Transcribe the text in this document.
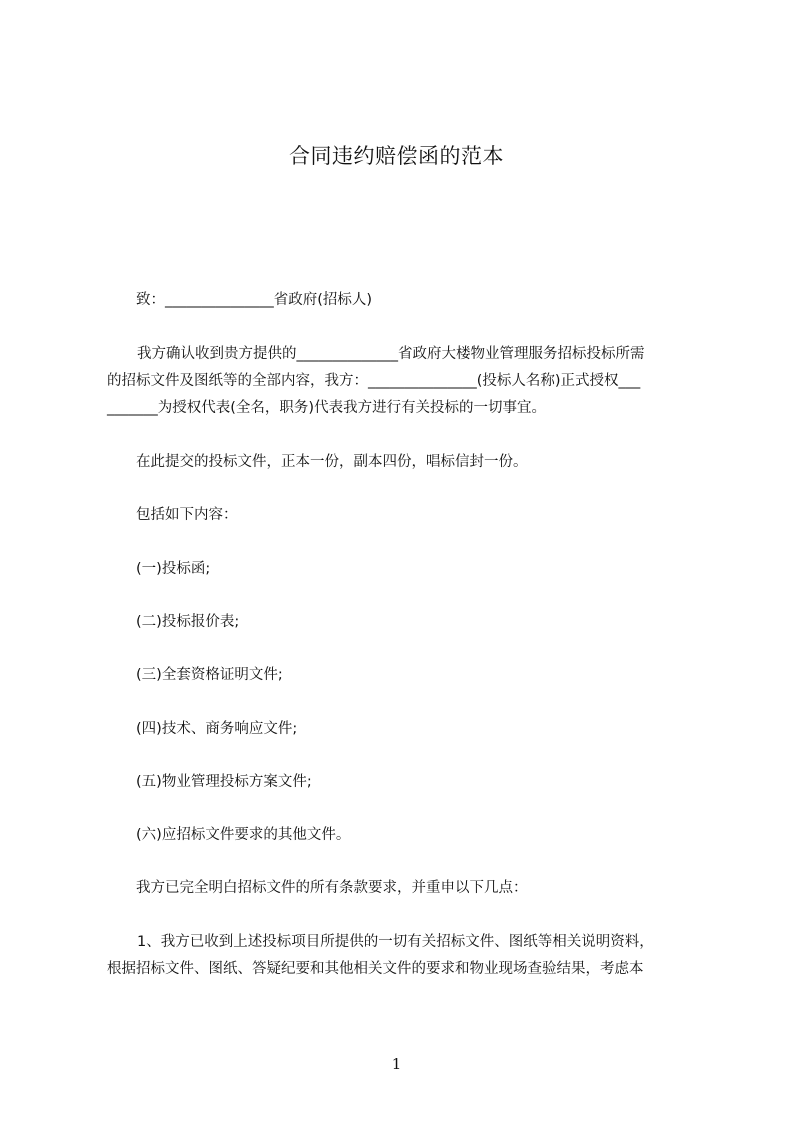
合同违约赔偿函的范本
致：_______________省政府(招标人)
我方确认收到贵方提供的______________省政府大楼物业管理服务招标投标所需
的招标文件及图纸等的全部内容，我方：_______________(投标人名称)正式授权___
_______为授权代表(全名，职务)代表我方进行有关投标的一切事宜。
在此提交的投标文件，正本一份，副本四份，唱标信封一份。
包括如下内容：
(一)投标函;
(二)投标报价表;
(三)全套资格证明文件;
(四)技术、商务响应文件;
(五)物业管理投标方案文件;
(六)应招标文件要求的其他文件。
我方已完全明白招标文件的所有条款要求，并重申以下几点：
1、我方已收到上述投标项目所提供的一切有关招标文件、图纸等相关说明资料，
根据招标文件、图纸、答疑纪要和其他相关文件的要求和物业现场查验结果，考虑本
1
